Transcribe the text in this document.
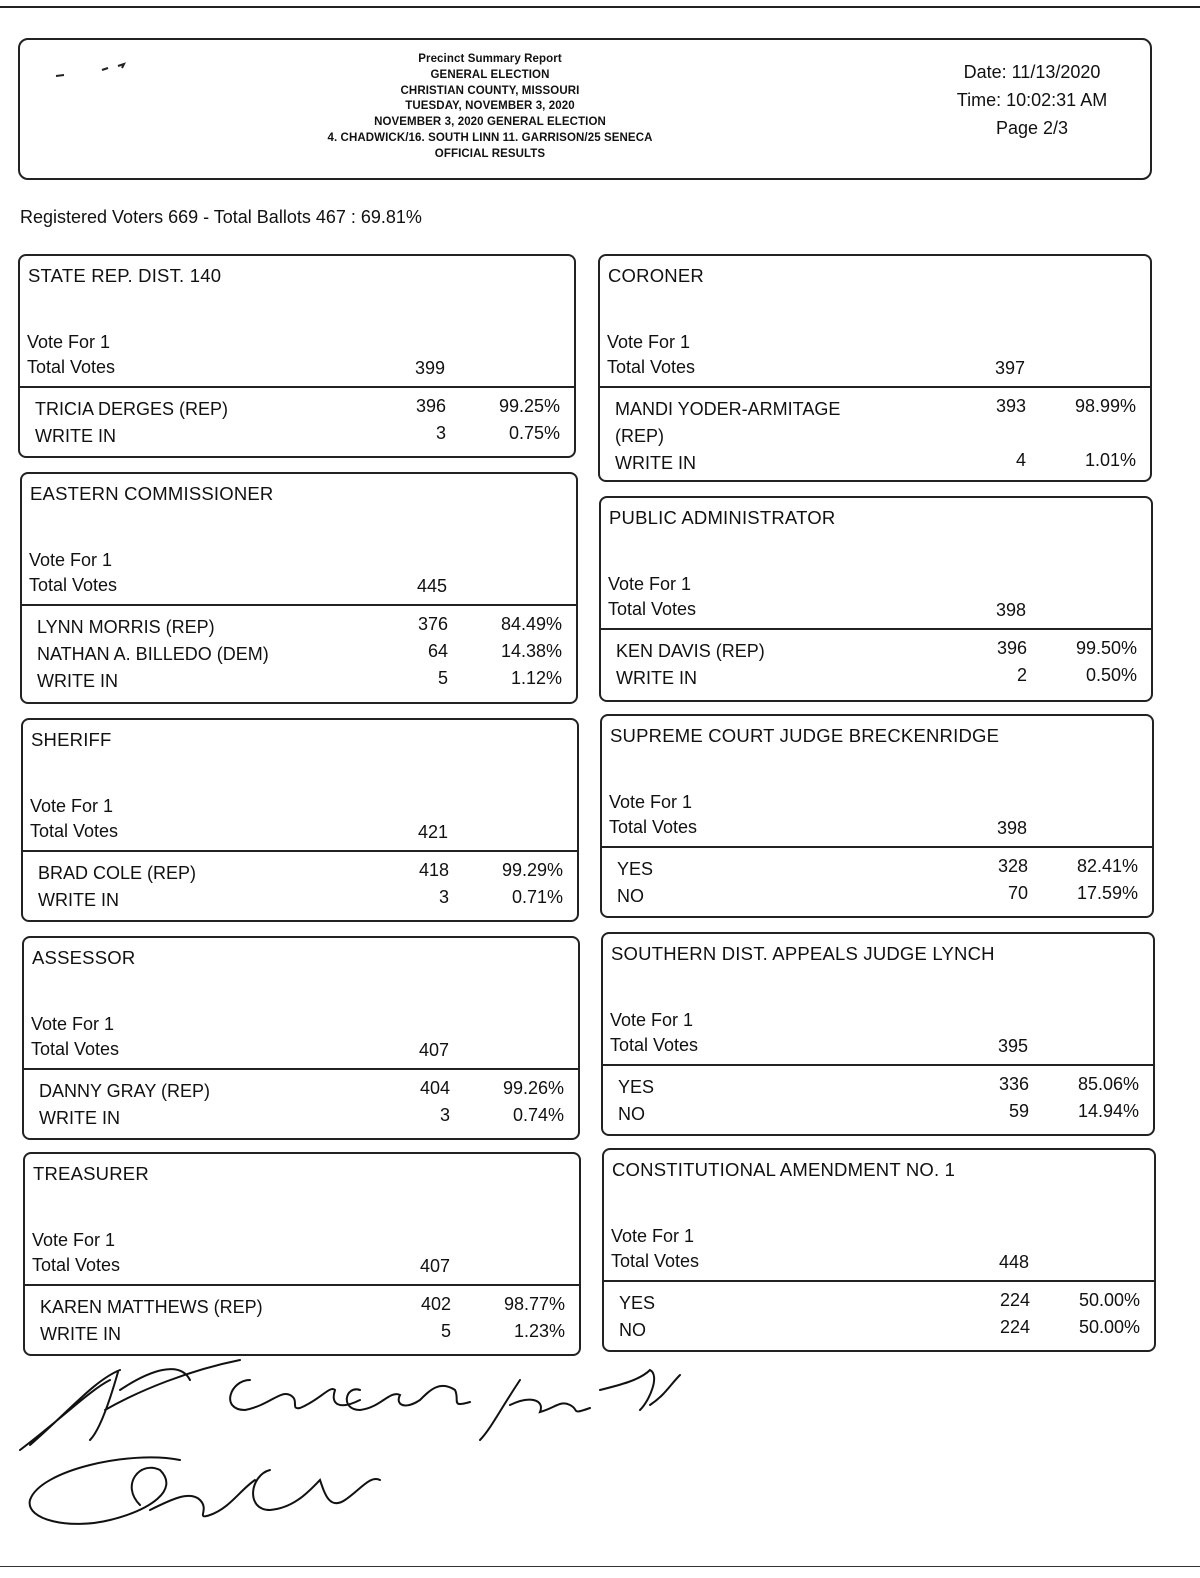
Precinct Summary Report
GENERAL ELECTION
CHRISTIAN COUNTY, MISSOURI
TUESDAY, NOVEMBER 3, 2020
NOVEMBER 3, 2020 GENERAL ELECTION
4. CHADWICK/16. SOUTH LINN 11. GARRISON/25 SENECA
OFFICIAL RESULTS
Date: 11/13/2020
Time: 10:02:31 AM
Page 2/3
Registered Voters 669 - Total Ballots 467 : 69.81%
STATE REP. DIST. 140
Vote For 1
Total Votes	399
TRICIA DERGES (REP)	396	99.25%
WRITE IN	3	0.75%
EASTERN COMMISSIONER
Vote For 1
Total Votes	445
LYNN MORRIS (REP)	376	84.49%
NATHAN A. BILLEDO (DEM)	64	14.38%
WRITE IN	5	1.12%
SHERIFF
Vote For 1
Total Votes	421
BRAD COLE (REP)	418	99.29%
WRITE IN	3	0.71%
ASSESSOR
Vote For 1
Total Votes	407
DANNY GRAY (REP)	404	99.26%
WRITE IN	3	0.74%
TREASURER
Vote For 1
Total Votes	407
KAREN MATTHEWS (REP)	402	98.77%
WRITE IN	5	1.23%
CORONER
Vote For 1
Total Votes	397
MANDI YODER-ARMITAGE	393	98.99%
(REP)
WRITE IN	4	1.01%
PUBLIC ADMINISTRATOR
Vote For 1
Total Votes	398
KEN DAVIS (REP)	396	99.50%
WRITE IN	2	0.50%
SUPREME COURT JUDGE BRECKENRIDGE
Vote For 1
Total Votes	398
YES	328	82.41%
NO	70	17.59%
SOUTHERN DIST. APPEALS JUDGE LYNCH
Vote For 1
Total Votes	395
YES	336	85.06%
NO	59	14.94%
CONSTITUTIONAL AMENDMENT NO. 1
Vote For 1
Total Votes	448
YES	224	50.00%
NO	224	50.00%
